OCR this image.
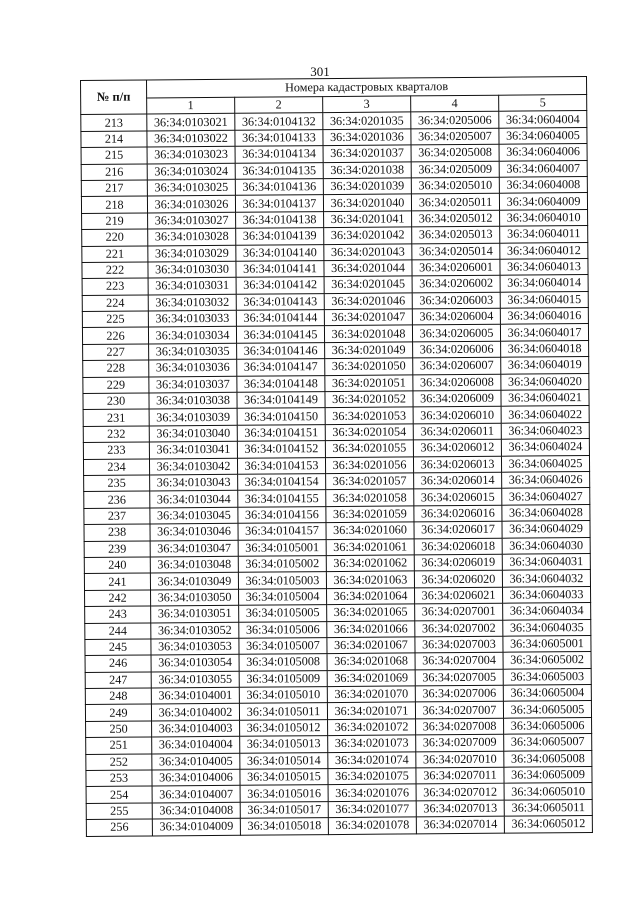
301
№ п/п	Номера кадастровых кварталов				
	1	2	3	4	5
213	36:34:0103021	36:34:0104132	36:34:0201035	36:34:0205006	36:34:0604004
214	36:34:0103022	36:34:0104133	36:34:0201036	36:34:0205007	36:34:0604005
215	36:34:0103023	36:34:0104134	36:34:0201037	36:34:0205008	36:34:0604006
216	36:34:0103024	36:34:0104135	36:34:0201038	36:34:0205009	36:34:0604007
217	36:34:0103025	36:34:0104136	36:34:0201039	36:34:0205010	36:34:0604008
218	36:34:0103026	36:34:0104137	36:34:0201040	36:34:0205011	36:34:0604009
219	36:34:0103027	36:34:0104138	36:34:0201041	36:34:0205012	36:34:0604010
220	36:34:0103028	36:34:0104139	36:34:0201042	36:34:0205013	36:34:0604011
221	36:34:0103029	36:34:0104140	36:34:0201043	36:34:0205014	36:34:0604012
222	36:34:0103030	36:34:0104141	36:34:0201044	36:34:0206001	36:34:0604013
223	36:34:0103031	36:34:0104142	36:34:0201045	36:34:0206002	36:34:0604014
224	36:34:0103032	36:34:0104143	36:34:0201046	36:34:0206003	36:34:0604015
225	36:34:0103033	36:34:0104144	36:34:0201047	36:34:0206004	36:34:0604016
226	36:34:0103034	36:34:0104145	36:34:0201048	36:34:0206005	36:34:0604017
227	36:34:0103035	36:34:0104146	36:34:0201049	36:34:0206006	36:34:0604018
228	36:34:0103036	36:34:0104147	36:34:0201050	36:34:0206007	36:34:0604019
229	36:34:0103037	36:34:0104148	36:34:0201051	36:34:0206008	36:34:0604020
230	36:34:0103038	36:34:0104149	36:34:0201052	36:34:0206009	36:34:0604021
231	36:34:0103039	36:34:0104150	36:34:0201053	36:34:0206010	36:34:0604022
232	36:34:0103040	36:34:0104151	36:34:0201054	36:34:0206011	36:34:0604023
233	36:34:0103041	36:34:0104152	36:34:0201055	36:34:0206012	36:34:0604024
234	36:34:0103042	36:34:0104153	36:34:0201056	36:34:0206013	36:34:0604025
235	36:34:0103043	36:34:0104154	36:34:0201057	36:34:0206014	36:34:0604026
236	36:34:0103044	36:34:0104155	36:34:0201058	36:34:0206015	36:34:0604027
237	36:34:0103045	36:34:0104156	36:34:0201059	36:34:0206016	36:34:0604028
238	36:34:0103046	36:34:0104157	36:34:0201060	36:34:0206017	36:34:0604029
239	36:34:0103047	36:34:0105001	36:34:0201061	36:34:0206018	36:34:0604030
240	36:34:0103048	36:34:0105002	36:34:0201062	36:34:0206019	36:34:0604031
241	36:34:0103049	36:34:0105003	36:34:0201063	36:34:0206020	36:34:0604032
242	36:34:0103050	36:34:0105004	36:34:0201064	36:34:0206021	36:34:0604033
243	36:34:0103051	36:34:0105005	36:34:0201065	36:34:0207001	36:34:0604034
244	36:34:0103052	36:34:0105006	36:34:0201066	36:34:0207002	36:34:0604035
245	36:34:0103053	36:34:0105007	36:34:0201067	36:34:0207003	36:34:0605001
246	36:34:0103054	36:34:0105008	36:34:0201068	36:34:0207004	36:34:0605002
247	36:34:0103055	36:34:0105009	36:34:0201069	36:34:0207005	36:34:0605003
248	36:34:0104001	36:34:0105010	36:34:0201070	36:34:0207006	36:34:0605004
249	36:34:0104002	36:34:0105011	36:34:0201071	36:34:0207007	36:34:0605005
250	36:34:0104003	36:34:0105012	36:34:0201072	36:34:0207008	36:34:0605006
251	36:34:0104004	36:34:0105013	36:34:0201073	36:34:0207009	36:34:0605007
252	36:34:0104005	36:34:0105014	36:34:0201074	36:34:0207010	36:34:0605008
253	36:34:0104006	36:34:0105015	36:34:0201075	36:34:0207011	36:34:0605009
254	36:34:0104007	36:34:0105016	36:34:0201076	36:34:0207012	36:34:0605010
255	36:34:0104008	36:34:0105017	36:34:0201077	36:34:0207013	36:34:0605011
256	36:34:0104009	36:34:0105018	36:34:0201078	36:34:0207014	36:34:0605012
